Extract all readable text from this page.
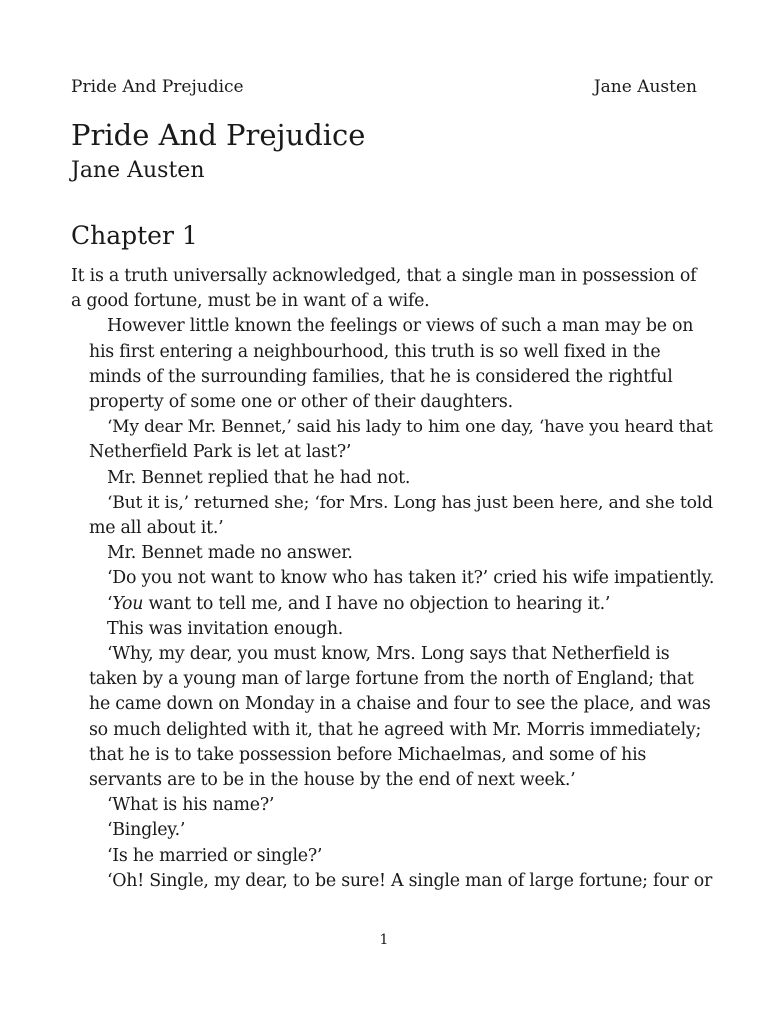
Pride And Prejudice	Jane Austen
Pride And Prejudice
Jane Austen
Chapter 1

It is a truth universally acknowledged, that a single man in possession of
a good fortune, must be in want of a wife.

However little known the feelings or views of such a man may be on
his first entering a neighbourhood, this truth is so well fixed in the
minds of the surrounding families, that he is considered the rightful
property of some one or other of their daughters.

‘My dear Mr. Bennet,’ said his lady to him one day, ‘have you heard that
Netherfield Park is let at last?’

Mr. Bennet replied that he had not.

‘But it is,’ returned she; ‘for Mrs. Long has just been here, and she told
me all about it.’

Mr. Bennet made no answer.

‘Do you not want to know who has taken it?’ cried his wife impatiently.

‘You want to tell me, and I have no objection to hearing it.’

This was invitation enough.

‘Why, my dear, you must know, Mrs. Long says that Netherfield is
taken by a young man of large fortune from the north of England; that
he came down on Monday in a chaise and four to see the place, and was
so much delighted with it, that he agreed with Mr. Morris immediately;
that he is to take possession before Michaelmas, and some of his
servants are to be in the house by the end of next week.’

‘What is his name?’

‘Bingley.’

‘Is he married or single?’

‘Oh! Single, my dear, to be sure! A single man of large fortune; four or

1
